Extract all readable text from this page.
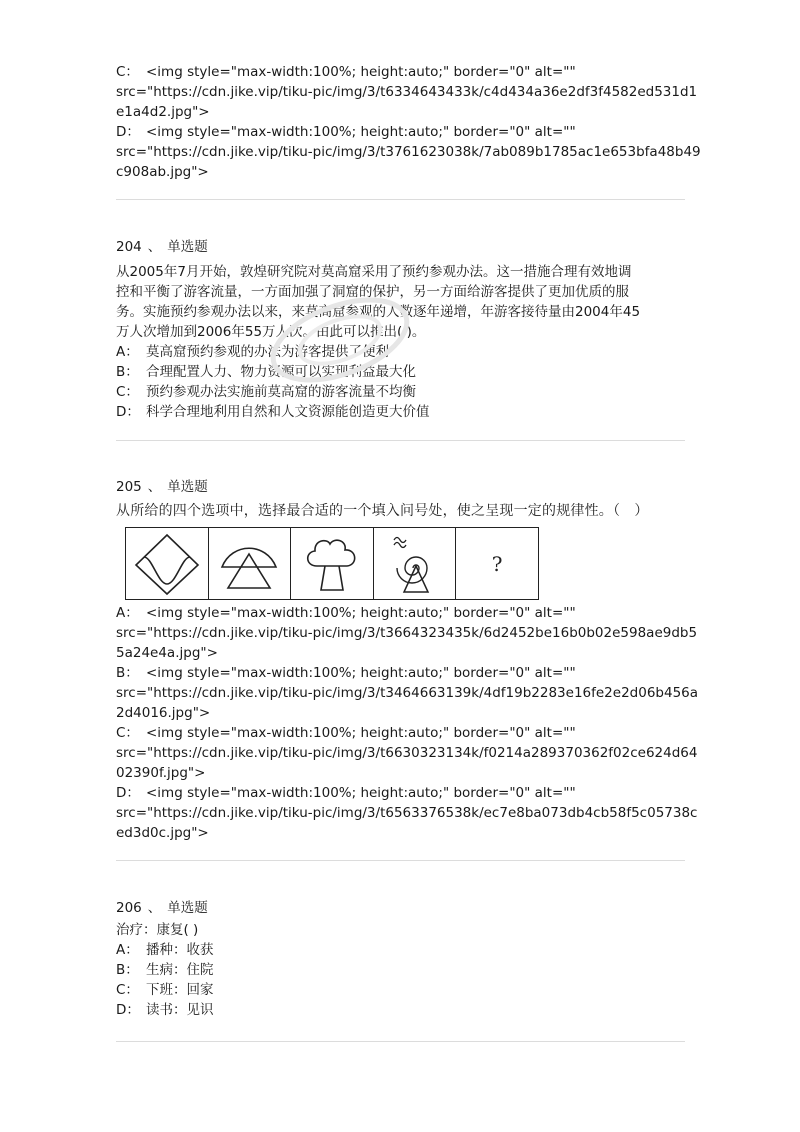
C： <img style="max-width:100%; height:auto;" border="0" alt=""
src="https://cdn.jike.vip/tiku-pic/img/3/t6334643433k/c4d434a36e2df3f4582ed531d1
e1a4d2.jpg">
D： <img style="max-width:100%; height:auto;" border="0" alt=""
src="https://cdn.jike.vip/tiku-pic/img/3/t3761623038k/7ab089b1785ac1e653bfa48b49
c908ab.jpg">
204 、 单选题
从2005年7月开始，敦煌研究院对莫高窟采用了预约参观办法。这一措施合理有效地调
控和平衡了游客流量，一方面加强了洞窟的保护，另一方面给游客提供了更加优质的服
务。实施预约参观办法以来，来莫高窟参观的人数逐年递增，年游客接待量由2004年45
万人次增加到2006年55万人次。由此可以推出( )。
A： 莫高窟预约参观的办法为游客提供了便利
B： 合理配置人力、物力资源可以实现利益最大化
C： 预约参观办法实施前莫高窟的游客流量不均衡
D： 科学合理地利用自然和人文资源能创造更大价值
205 、 单选题
从所给的四个选项中，选择最合适的一个填入问号处，使之呈现一定的规律性。（　）
?
A： <img style="max-width:100%; height:auto;" border="0" alt=""
src="https://cdn.jike.vip/tiku-pic/img/3/t3664323435k/6d2452be16b0b02e598ae9db5
5a24e4a.jpg">
B： <img style="max-width:100%; height:auto;" border="0" alt=""
src="https://cdn.jike.vip/tiku-pic/img/3/t3464663139k/4df19b2283e16fe2e2d06b456a
2d4016.jpg">
C： <img style="max-width:100%; height:auto;" border="0" alt=""
src="https://cdn.jike.vip/tiku-pic/img/3/t6630323134k/f0214a289370362f02ce624d64
02390f.jpg">
D： <img style="max-width:100%; height:auto;" border="0" alt=""
src="https://cdn.jike.vip/tiku-pic/img/3/t6563376538k/ec7e8ba073db4cb58f5c05738c
ed3d0c.jpg">
206 、 单选题
治疗：康复( )
A： 播种：收获
B： 生病：住院
C： 下班：回家
D： 读书：见识
